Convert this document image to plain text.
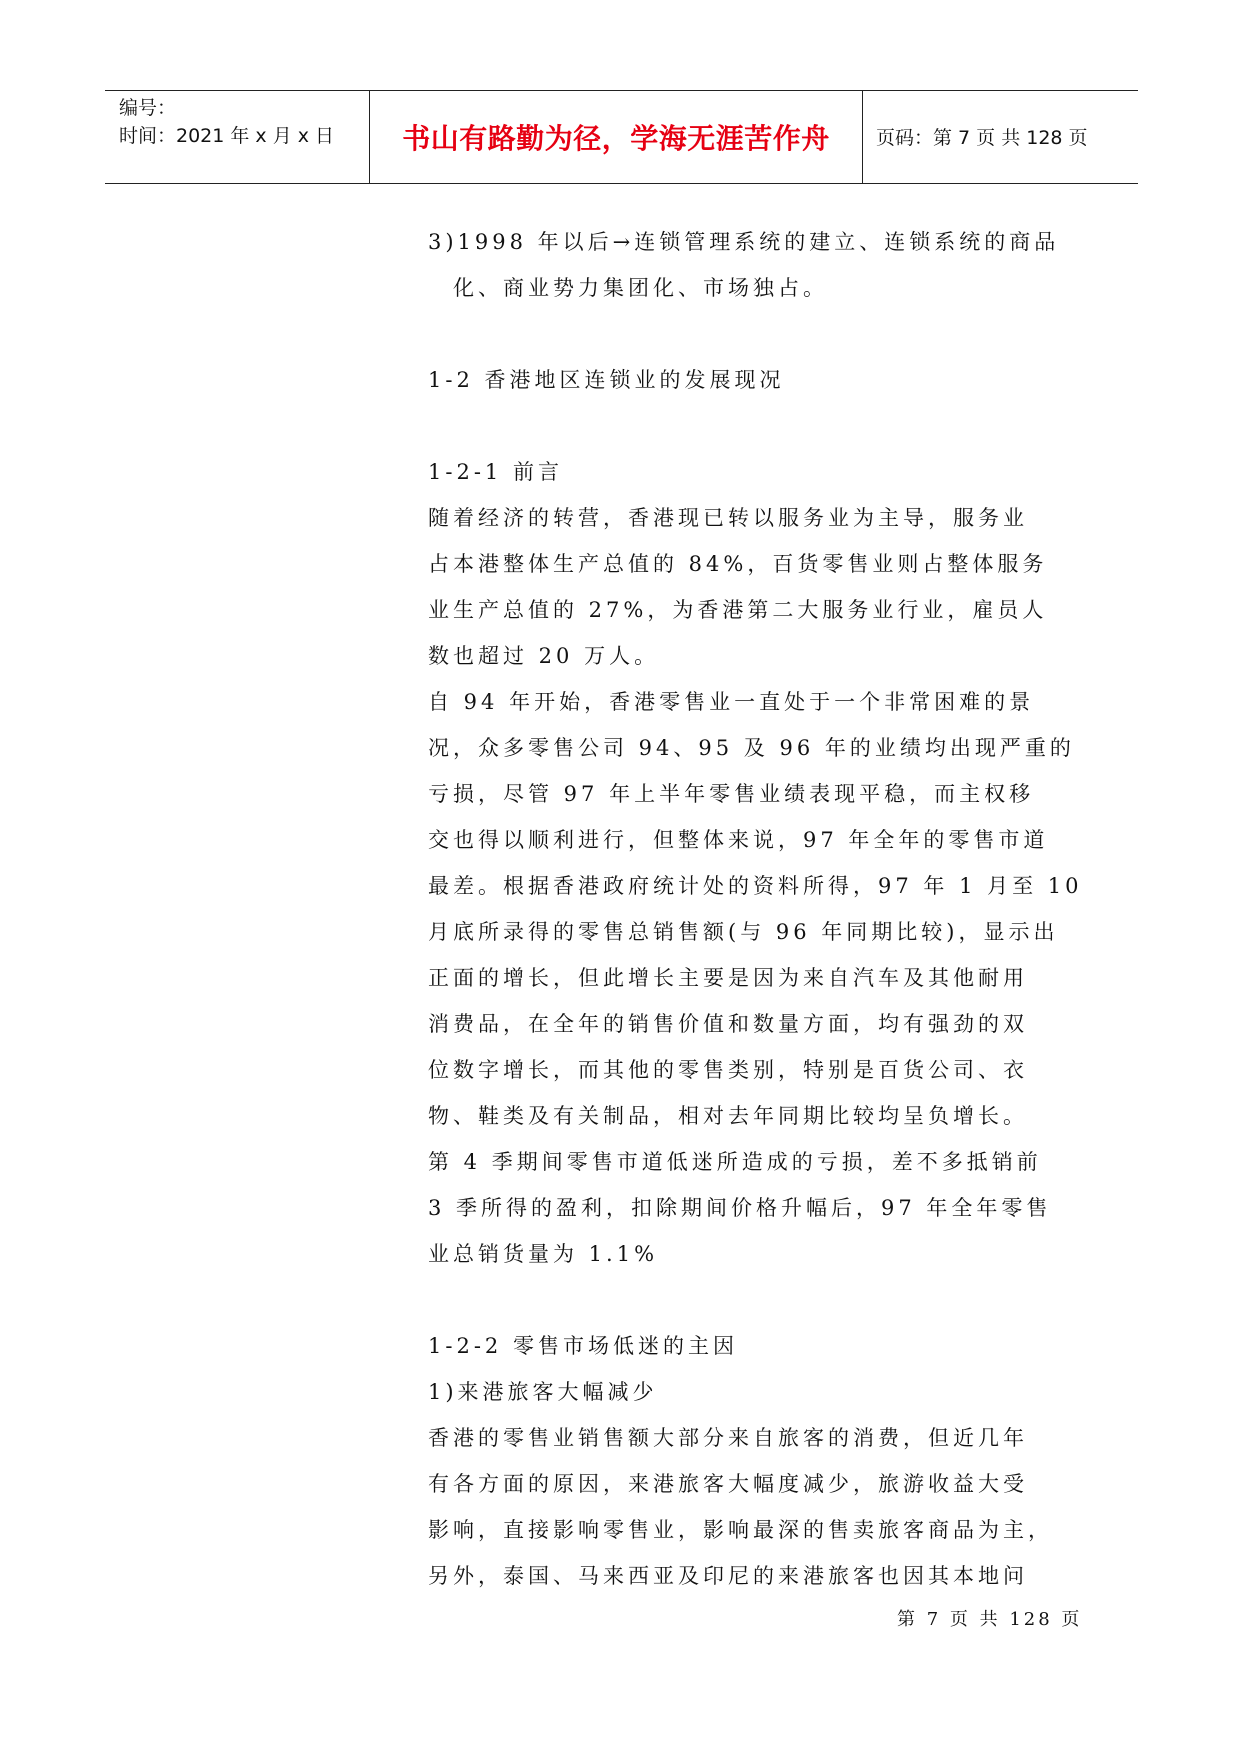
编号：
时间：2021 年 x 月 x 日	书山有路勤为径，学海无涯苦作舟	页码：第 7 页 共 128 页
3)1998 年以后→连锁管理系统的建立、连锁系统的商品
化、商业势力集团化、市场独占。
1-2 香港地区连锁业的发展现况
1-2-1 前言
随着经济的转营，香港现已转以服务业为主导，服务业
占本港整体生产总值的 84%，百货零售业则占整体服务
业生产总值的 27%，为香港第二大服务业行业，雇员人
数也超过 20 万人。
自 94 年开始，香港零售业一直处于一个非常困难的景
况，众多零售公司 94、95 及 96 年的业绩均出现严重的
亏损，尽管 97 年上半年零售业绩表现平稳，而主权移
交也得以顺利进行，但整体来说，97 年全年的零售市道
最差。根据香港政府统计处的资料所得，97 年 1 月至 10
月底所录得的零售总销售额(与 96 年同期比较)，显示出
正面的增长，但此增长主要是因为来自汽车及其他耐用
消费品，在全年的销售价值和数量方面，均有强劲的双
位数字增长，而其他的零售类别，特别是百货公司、衣
物、鞋类及有关制品，相对去年同期比较均呈负增长。
第 4 季期间零售市道低迷所造成的亏损，差不多抵销前
3 季所得的盈利，扣除期间价格升幅后，97 年全年零售
业总销货量为 1.1%
1-2-2 零售市场低迷的主因
1)来港旅客大幅减少
香港的零售业销售额大部分来自旅客的消费，但近几年
有各方面的原因，来港旅客大幅度减少，旅游收益大受
影响，直接影响零售业，影响最深的售卖旅客商品为主，
另外，泰国、马来西亚及印尼的来港旅客也因其本地问
第 7 页 共 128 页
